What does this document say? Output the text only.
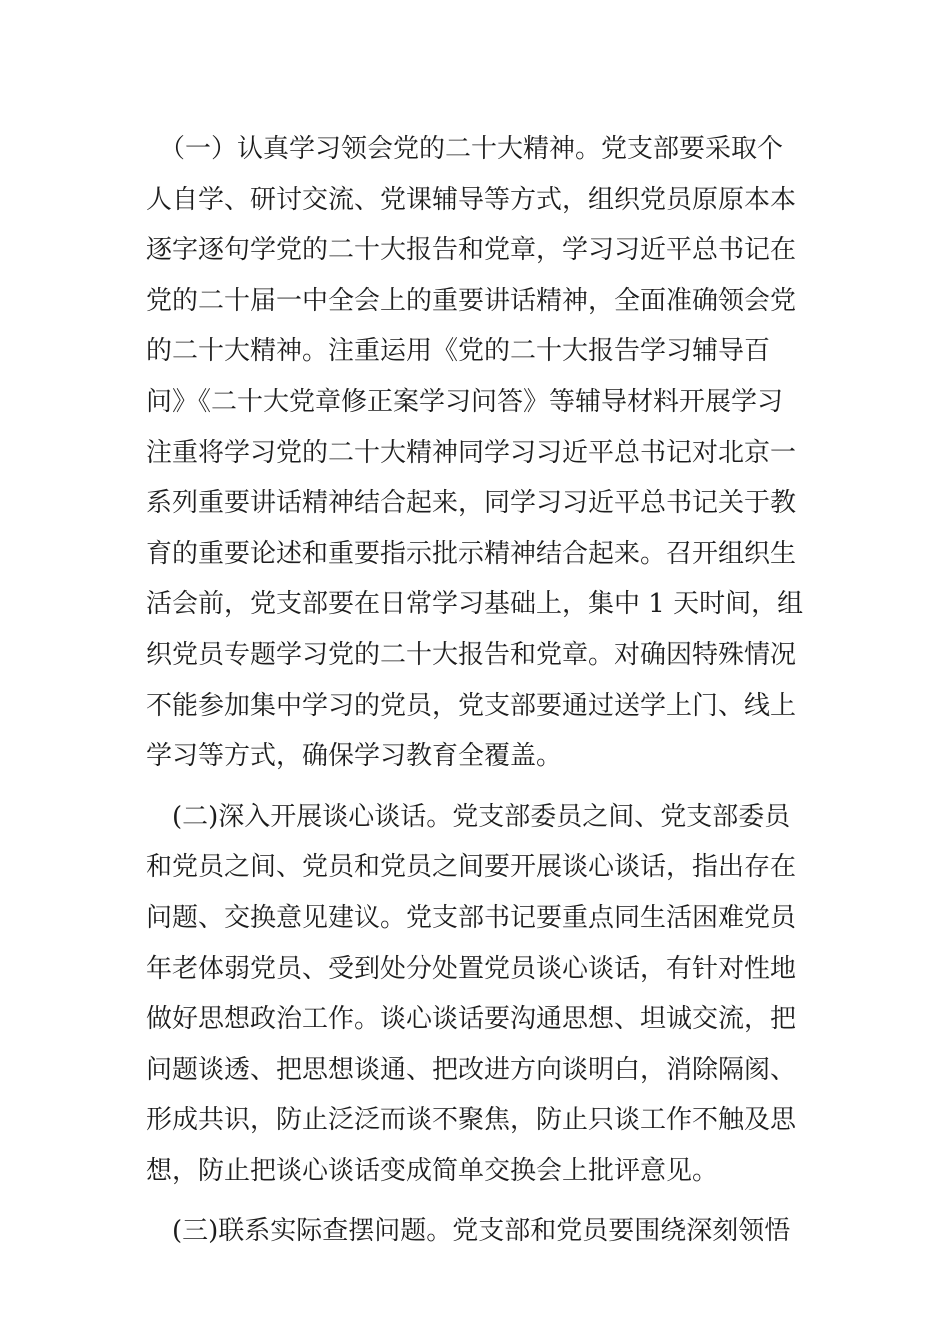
　（一）认真学习领会党的二十大精神。党支部要采取个
人自学、研讨交流、党课辅导等方式，组织党员原原本本
逐字逐句学党的二十大报告和党章，学习习近平总书记在
党的二十届一中全会上的重要讲话精神，全面准确领会党
的二十大精神。注重运用《党的二十大报告学习辅导百
问》《二十大党章修正案学习问答》等辅导材料开展学习
注重将学习党的二十大精神同学习习近平总书记对北京一
系列重要讲话精神结合起来，同学习习近平总书记关于教
育的重要论述和重要指示批示精神结合起来。召开组织生
活会前，党支部要在日常学习基础上，集中 1 天时间，组
织党员专题学习党的二十大报告和党章。对确因特殊情况
不能参加集中学习的党员，党支部要通过送学上门、线上
学习等方式，确保学习教育全覆盖。
　(二)深入开展谈心谈话。党支部委员之间、党支部委员
和党员之间、党员和党员之间要开展谈心谈话，指出存在
问题、交换意见建议。党支部书记要重点同生活困难党员
年老体弱党员、受到处分处置党员谈心谈话，有针对性地
做好思想政治工作。谈心谈话要沟通思想、坦诚交流，把
问题谈透、把思想谈通、把改进方向谈明白，消除隔阂、
形成共识，防止泛泛而谈不聚焦，防止只谈工作不触及思
想，防止把谈心谈话变成简单交换会上批评意见。
　(三)联系实际查摆问题。党支部和党员要围绕深刻领悟
